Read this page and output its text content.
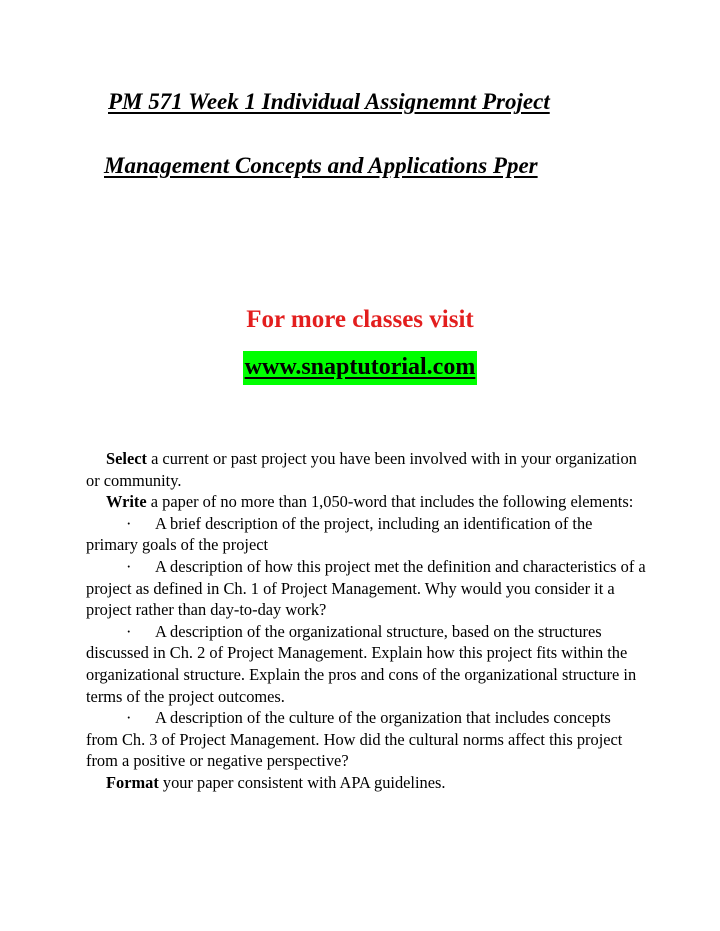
PM 571 Week 1 Individual Assignemnt Project
Management Concepts and Applications Pper
For more classes visit
www.snaptutorial.com

Select a current or past project you have been involved with in your organization or community.

Write a paper of no more than 1,050-word that includes the following elements:

· A brief description of the project, including an identification of the primary goals of the project

· A description of how this project met the definition and characteristics of a project as defined in Ch. 1 of Project Management. Why would you consider it a project rather than day-to-day work?

· A description of the organizational structure, based on the structures discussed in Ch. 2 of Project Management. Explain how this project fits within the organizational structure. Explain the pros and cons of the organizational structure in terms of the project outcomes.

· A description of the culture of the organization that includes concepts from Ch. 3 of Project Management. How did the cultural norms affect this project from a positive or negative perspective?

Format your paper consistent with APA guidelines.
